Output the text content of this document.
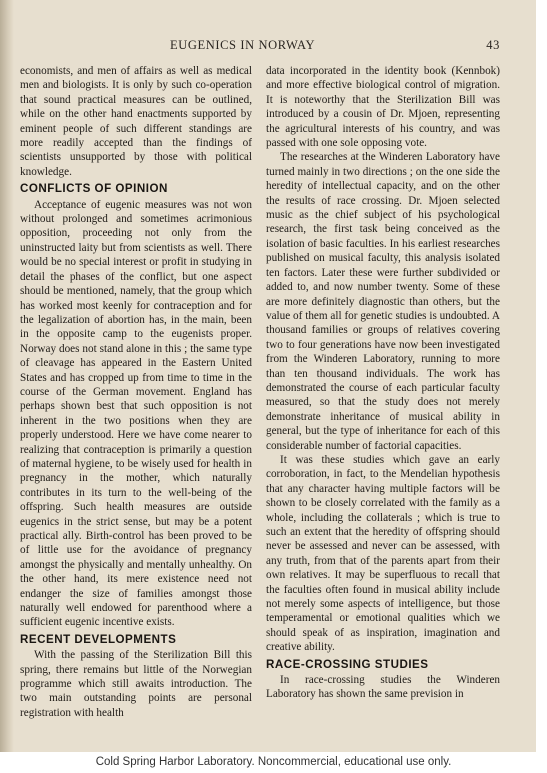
EUGENICS IN NORWAY	43

economists, and men of affairs as well as medical men and biologists. It is only by such co-operation that sound practical measures can be outlined, while on the other hand enactments supported by eminent people of such different standings are more readily accepted than the findings of scientists unsupported by those with political knowledge.

CONFLICTS OF OPINION

Acceptance of eugenic measures was not won without prolonged and sometimes acrimonious opposition, proceeding not only from the uninstructed laity but from scientists as well. There would be no special interest or profit in studying in detail the phases of the conflict, but one aspect should be mentioned, namely, that the group which has worked most keenly for contraception and for the legalization of abortion has, in the main, been in the opposite camp to the eugenists proper. Norway does not stand alone in this ; the same type of cleavage has appeared in the Eastern United States and has cropped up from time to time in the course of the German movement. England has perhaps shown best that such opposition is not inherent in the two positions when they are properly understood. Here we have come nearer to realizing that contraception is primarily a question of maternal hygiene, to be wisely used for health in pregnancy in the mother, which naturally contributes in its turn to the well-being of the offspring. Such health measures are outside eugenics in the strict sense, but may be a potent practical ally. Birth-control has been proved to be of little use for the avoidance of pregnancy amongst the physically and mentally unhealthy. On the other hand, its mere existence need not endanger the size of families amongst those naturally well endowed for parenthood where a sufficient eugenic incentive exists.

RECENT DEVELOPMENTS

With the passing of the Sterilization Bill this spring, there remains but little of the Norwegian programme which still awaits introduction. The two main outstanding points are personal registration with health

data incorporated in the identity book (Kennbok) and more effective biological control of migration. It is noteworthy that the Sterilization Bill was introduced by a cousin of Dr. Mjoen, representing the agricultural interests of his country, and was passed with one sole opposing vote.

The researches at the Winderen Laboratory have turned mainly in two directions ; on the one side the heredity of intellectual capacity, and on the other the results of race crossing. Dr. Mjoen selected music as the chief subject of his psychological research, the first task being conceived as the isolation of basic faculties. In his earliest researches published on musical faculty, this analysis isolated ten factors. Later these were further subdivided or added to, and now number twenty. Some of these are more definitely diagnostic than others, but the value of them all for genetic studies is undoubted. A thousand families or groups of relatives covering two to four generations have now been investigated from the Winderen Laboratory, running to more than ten thousand individuals. The work has demonstrated the course of each particular faculty measured, so that the study does not merely demonstrate inheritance of musical ability in general, but the type of inheritance for each of this considerable number of factorial capacities.

It was these studies which gave an early corroboration, in fact, to the Mendelian hypothesis that any character having multiple factors will be shown to be closely correlated with the family as a whole, including the collaterals ; which is true to such an extent that the heredity of offspring should never be assessed and never can be assessed, with any truth, from that of the parents apart from their own relatives. It may be superfluous to recall that the faculties often found in musical ability include not merely some aspects of intelligence, but those temperamental or emotional qualities which we should speak of as inspiration, imagination and creative ability.

RACE-CROSSING STUDIES

In race-crossing studies the Winderen Laboratory has shown the same prevision in

Cold Spring Harbor Laboratory. Noncommercial, educational use only.
